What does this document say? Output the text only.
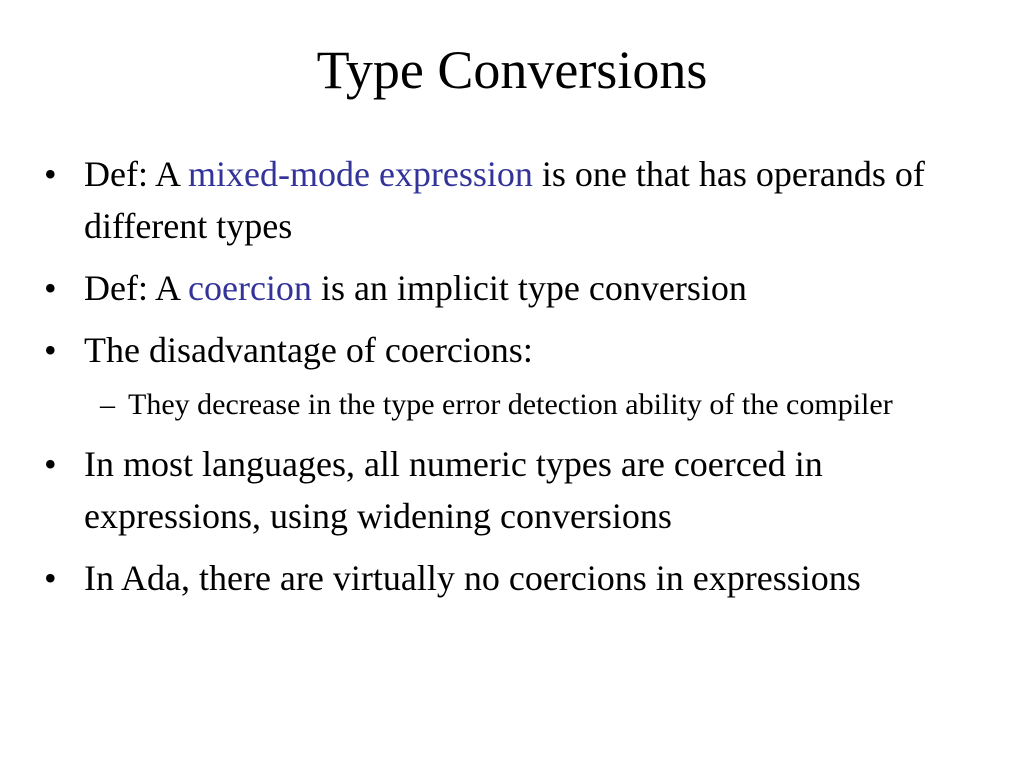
Type Conversions
• Def: A mixed-mode expression is one that has operands of different types
• Def: A coercion is an implicit type conversion
• The disadvantage of coercions:
– They decrease in the type error detection ability of the compiler
• In most languages, all numeric types are coerced in expressions, using widening conversions
• In Ada, there are virtually no coercions in expressions
